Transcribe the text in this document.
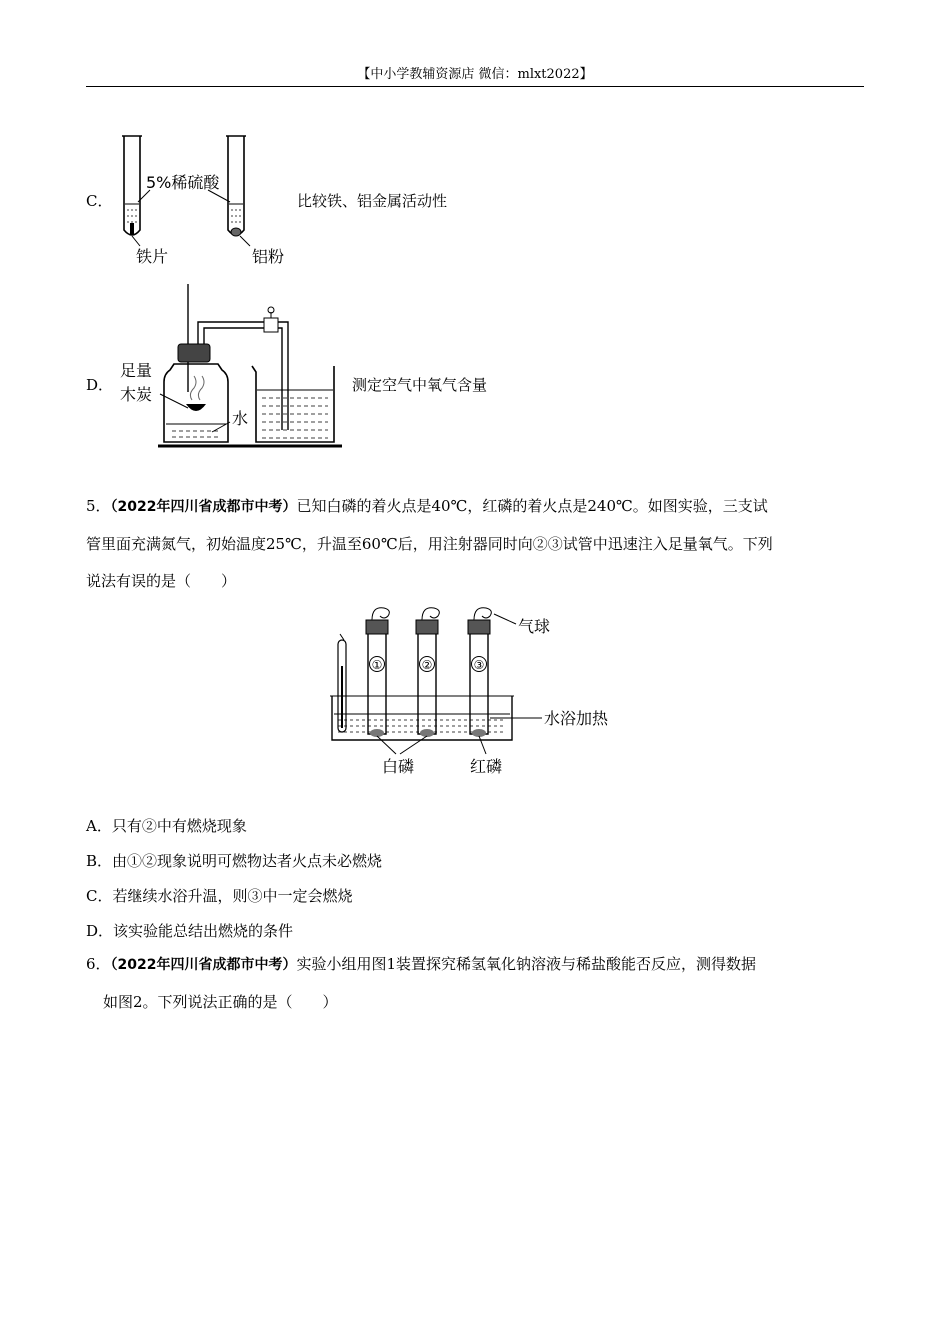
【中小学教辅资源店 微信：mlxt2022】
C．
5%稀硫酸
铁片	铝粉
比较铁、铝金属活动性
D．
足量
木炭
水
测定空气中氧气含量
5．（2022年四川省成都市中考）已知白磷的着火点是40℃，红磷的着火点是240℃。如图实验，三支试
管里面充满氮气，初始温度25℃，升温至60℃后，用注射器同时向②③试管中迅速注入足量氧气。下列
说法有误的是（　　）
①	②	③
气球
水浴加热
白磷	红磷
A．只有②中有燃烧现象
B．由①②现象说明可燃物达者火点未必燃烧
C．若继续水浴升温，则③中一定会燃烧
D．该实验能总结出燃烧的条件
6．（2022年四川省成都市中考）实验小组用图1装置探究稀氢氧化钠溶液与稀盐酸能否反应，测得数据
如图2。下列说法正确的是（　　）
